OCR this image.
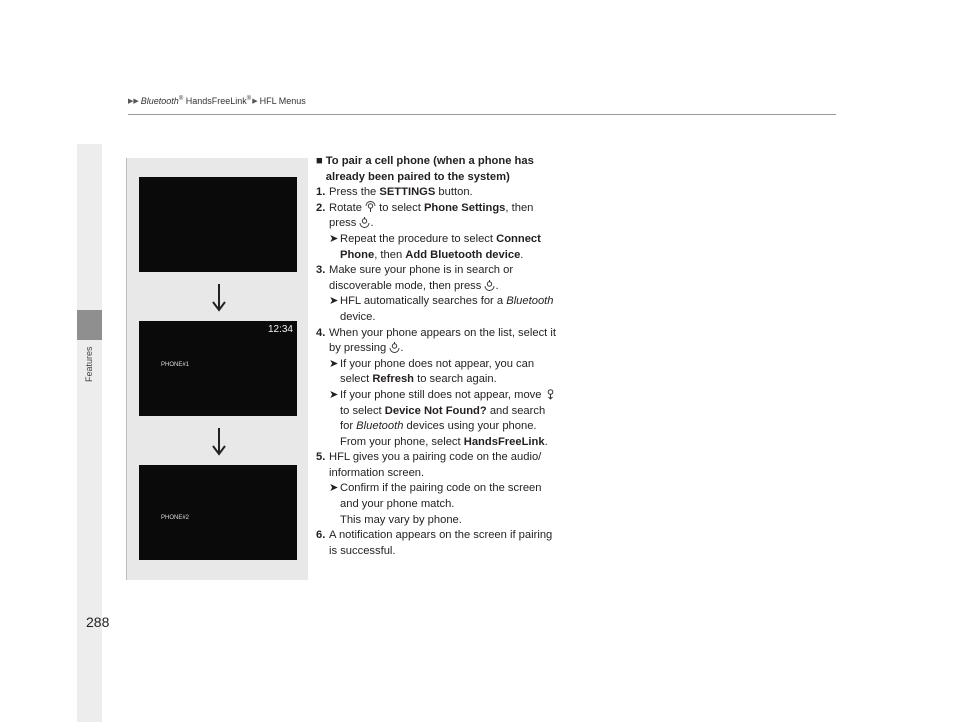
Features
▶▶ Bluetooth® HandsFreeLink® ▶ HFL Menus
12:34
PHONE#1
PHONE#2
■ To pair a cell phone (when a phone has already been paired to the system)
1. Press the SETTINGS button.
2. Rotate  to select Phone Settings, then press .
➤ Repeat the procedure to select Connect Phone, then Add Bluetooth device.
3. Make sure your phone is in search or discoverable mode, then press .
➤ HFL automatically searches for a Bluetooth device.
4. When your phone appears on the list, select it by pressing .
➤ If your phone does not appear, you can select Refresh to search again.
➤ If your phone still does not appear, move  to select Device Not Found? and search for Bluetooth devices using your phone. From your phone, select HandsFreeLink.
5. HFL gives you a pairing code on the audio/ information screen.
➤ Confirm if the pairing code on the screen and your phone match.
This may vary by phone.
6. A notification appears on the screen if pairing is successful.
288
